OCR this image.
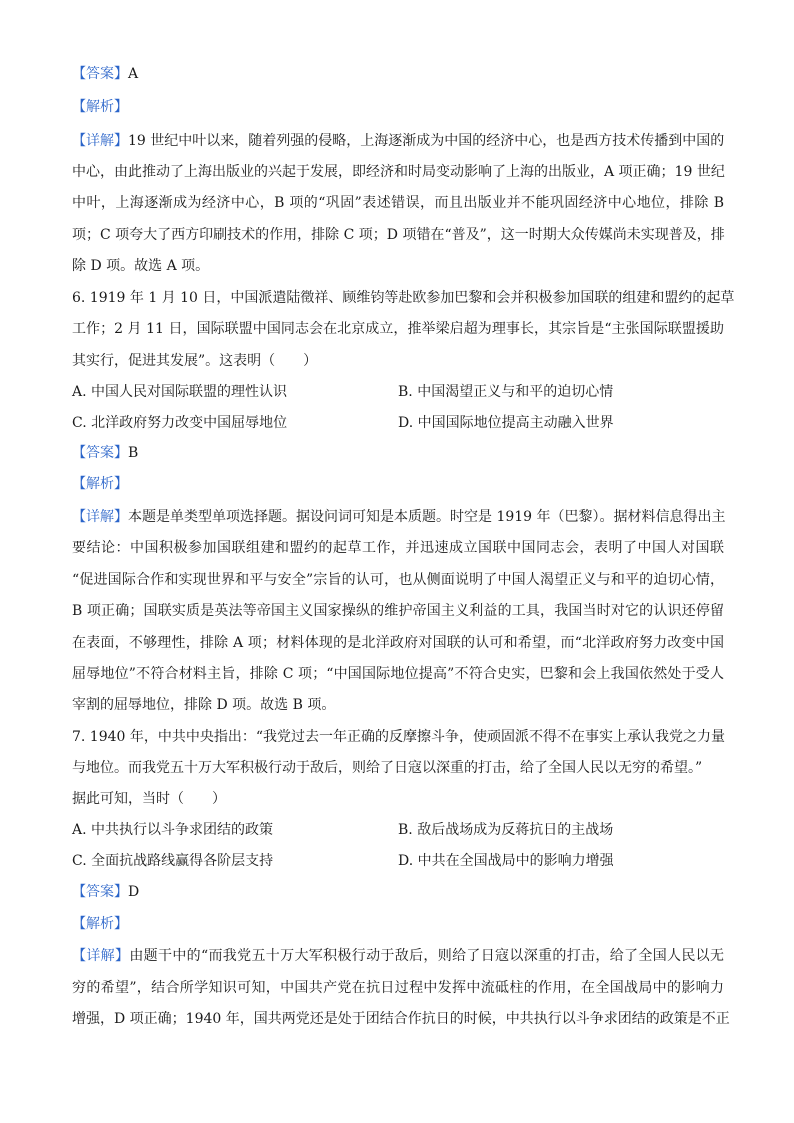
【答案】A
【解析】
【详解】19 世纪中叶以来，随着列强的侵略，上海逐渐成为中国的经济中心，也是西方技术传播到中国的
中心，由此推动了上海出版业的兴起于发展，即经济和时局变动影响了上海的出版业，A 项正确；19 世纪
中叶，上海逐渐成为经济中心，B 项的“巩固”表述错误，而且出版业并不能巩固经济中心地位，排除 B
项；C 项夸大了西方印刷技术的作用，排除 C 项；D 项错在“普及”，这一时期大众传媒尚未实现普及，排
除 D 项。故选 A 项。
6. 1919 年 1 月 10 日，中国派遣陆徵祥、顾维钧等赴欧参加巴黎和会并积极参加国联的组建和盟约的起草
工作；2 月 11 日，国际联盟中国同志会在北京成立，推举梁启超为理事长，其宗旨是“主张国际联盟援助
其实行，促进其发展”。这表明（　　）
A. 中国人民对国际联盟的理性认识	B. 中国渴望正义与和平的迫切心情
C. 北洋政府努力改变中国屈辱地位	D. 中国国际地位提高主动融入世界
【答案】B
【解析】
【详解】本题是单类型单项选择题。据设问词可知是本质题。时空是 1919 年（巴黎）。据材料信息得出主
要结论：中国积极参加国联组建和盟约的起草工作，并迅速成立国联中国同志会，表明了中国人对国联
“促进国际合作和实现世界和平与安全”宗旨的认可，也从侧面说明了中国人渴望正义与和平的迫切心情，
B 项正确；国联实质是英法等帝国主义国家操纵的维护帝国主义利益的工具，我国当时对它的认识还停留
在表面，不够理性，排除 A 项；材料体现的是北洋政府对国联的认可和希望，而“北洋政府努力改变中国
屈辱地位”不符合材料主旨，排除 C 项；“中国国际地位提高”不符合史实，巴黎和会上我国依然处于受人
宰割的屈辱地位，排除 D 项。故选 B 项。
7. 1940 年，中共中央指出：“我党过去一年正确的反摩擦斗争，使顽固派不得不在事实上承认我党之力量
与地位。而我党五十万大军积极行动于敌后，则给了日寇以深重的打击，给了全国人民以无穷的希望。”
据此可知，当时（　　）
A. 中共执行以斗争求团结的政策	B. 敌后战场成为反蒋抗日的主战场
C. 全面抗战路线赢得各阶层支持	D. 中共在全国战局中的影响力增强
【答案】D
【解析】
【详解】由题干中的“而我党五十万大军积极行动于敌后，则给了日寇以深重的打击，给了全国人民以无
穷的希望”，结合所学知识可知，中国共产党在抗日过程中发挥中流砥柱的作用，在全国战局中的影响力
增强，D 项正确；1940 年，国共两党还是处于团结合作抗日的时候，中共执行以斗争求团结的政策是不正
